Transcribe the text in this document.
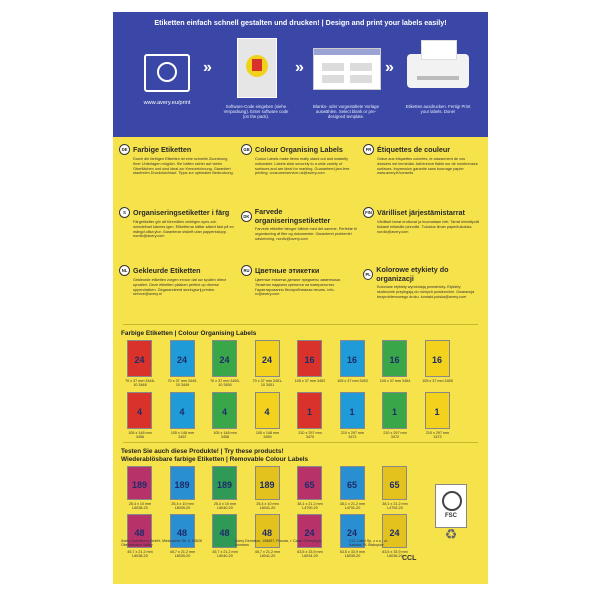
Etiketten einfach schnell gestalten und drucken! | Design and print your labels easily!
www.avery.eu/print
»
Software-Code eingeben (siehe Verpackung). Enter software code (on the pack).
»
Blanko- oder vorgestaltete Vorlage auswählen. Select blank or pre-designed template.
»
Etiketten ausdrucken. Fertig! Print your labels. Done!
DE Farbige Etiketten
Durch die farbigen Etiketten ist eine schnelle Zuordnung Ihrer Unterlagen möglich. Sie haften sicher auf vielen Oberflächen und sind ideal zur Kennzeichnung. Garantiert staufreien Druckdurchlauf. Tipps zur optimalen Bedruckung.
GB Colour Organising Labels
Colour Labels make items really stand out and instantly noticeable. Labels stick securely to a wide variety of surfaces and are ideal for marking. Guaranteed jam-free printing. consumerservice-uk@avery.com
FR Étiquettes de couleur
Grâce aux étiquettes colorées, le classement de vos dossiers est immédiat. Adhérence fiable sur de nombreuses surfaces. Impression garantie sans bourrage papier. www.avery.fr/conseils
S Organiseringsetiketter i färg
Färgetiketter gör att föremålen verkligen syns och omedelbart kännes igen. Etiketterna häftar säkert fast på en mängd olika ytor. Garanterar utskrift utan pappersstopp. nordic@avery.com
DK Farvede organiseringsetiketter
Farvede etiketter fænger blikket med det samme. Perfekte til organisering af filer og dokumenter. Garanteret problemfri udskrivning. nordic@avery.com
FIN Värilliset järjestämistarrat
Värilliset tarrat erottuvat ja huomataan heti. Tarrat kiinnittyvät tiukasti erilaisille pinnoille. Tulostus ilman paperitukoksia. nordic@avery.com
NL Gekleurde Etiketten
Gekleurde etiketten zorgen ervoor dat uw spullen direct opvallen. Deze etiketten plakken perfect op diverse oppervlakken. Gegarandeerd storingsvrij printen. service@avery.nl
RU Цветные этикетки
Цветные этикетки делают предметы заметными. Этикетки надежно крепятся на поверхностях. Гарантированно беспроблемная печать. info-ru@avery.com
PL Kolorowe etykiety do organizacji
Kolorowe etykiety wyróżniają przedmioty. Etykiety skutecznie przylegają do różnych powierzchni. Gwarancja bezproblemowego druku. kontakt-polska@avery.com
Farbige Etiketten | Colour Organising Labels
24
70 x 37 mm 3448-10 3448
24
70 x 37 mm 3449-10 3449
24
70 x 37 mm 3450-10 3450
24
70 x 37 mm 3451-10 3451
16
105 x 37 mm 3452
16
105 x 37 mm 3453
16
105 x 37 mm 3454
16
105 x 37 mm 3455
4
105 x 148 mm 3456
4
105 x 148 mm 3457
4
105 x 148 mm 3458
4
105 x 148 mm 3459
1
210 x 297 mm 3470
1
210 x 297 mm 3471
1
210 x 297 mm 3472
1
210 x 297 mm 3473
Testen Sie auch diese Produkte! | Try these products!
Wiederablösbare farbige Etiketten | Removable Colour Labels
189
25,4 x 10 mm L6038-20
189
25,4 x 10 mm L6039-20
189
25,4 x 10 mm L6040-20
189
25,4 x 10 mm L6041-20
65
38,1 x 21,2 mm L4790-20
65
38,1 x 21,2 mm L4791-20
65
38,1 x 21,2 mm L4792-20
48
45,7 x 21,2 mm L6038-20
48
45,7 x 21,2 mm L6039-20
48
45,7 x 21,2 mm L6040-20
48
45,7 x 21,2 mm L6041-20
24
63,5 x 33,9 mm L6034-20
24
63,5 x 33,9 mm L6035-20
24
63,5 x 33,9 mm L6036-20
FSC
♻
Avery Zweckform GmbH, Miesbacher Str. 5, 83626 Oberlaindern-Valley
Avery Dennison, 196657, Россия, г. Санкт-Петербург, Колпино
CCL Label Sp. z o.o., ul. Kanska, PL Biskupice
CCL
